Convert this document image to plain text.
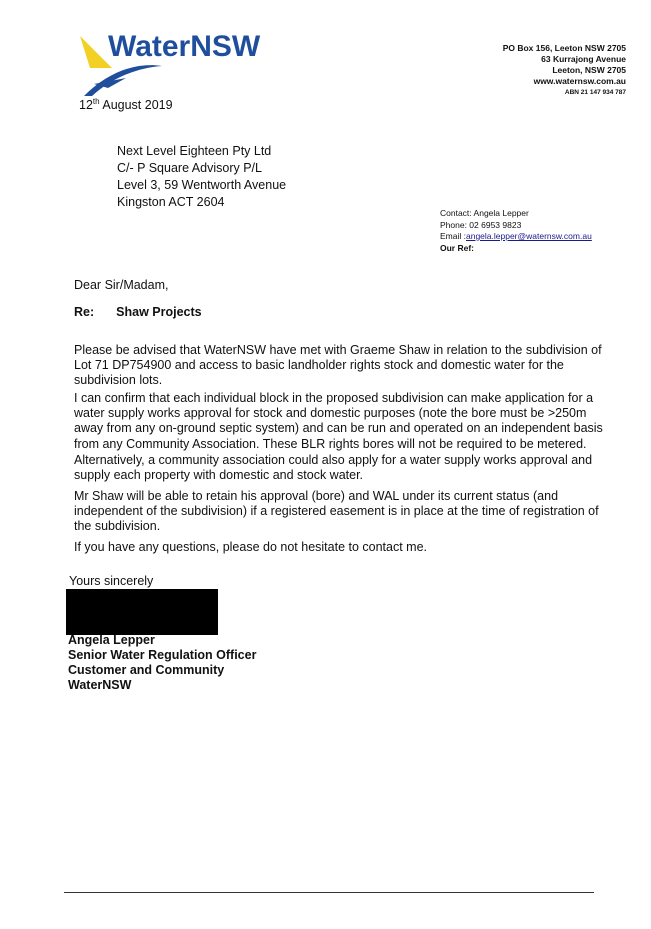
WaterNSW
12th August 2019
PO Box 156, Leeton NSW 2705
63 Kurrajong Avenue
Leeton, NSW 2705
www.waternsw.com.au
ABN 21 147 934 787
Next Level Eighteen Pty Ltd
C/- P Square Advisory P/L
Level 3, 59 Wentworth Avenue
Kingston ACT 2604
Contact: Angela Lepper
Phone: 02 6953 9823
Email :angela.lepper@waternsw.com.au
Our Ref:
Dear Sir/Madam,
Re: Shaw Projects
Please be advised that WaterNSW have met with Graeme Shaw in relation to the subdivision of Lot 71 DP754900 and access to basic landholder rights stock and domestic water for the subdivision lots.
I can confirm that each individual block in the proposed subdivision can make application for a water supply works approval for stock and domestic purposes (note the bore must be >250m away from any on-ground septic system) and can be run and operated on an independent basis from any Community Association. These BLR rights bores will not be required to be metered.
Alternatively, a community association could also apply for a water supply works approval and supply each property with domestic and stock water.
Mr Shaw will be able to retain his approval (bore) and WAL under its current status (and independent of the subdivision) if a registered easement is in place at the time of registration of the subdivision.
If you have any questions, please do not hesitate to contact me.
Yours sincerely
Angela Lepper
Senior Water Regulation Officer
Customer and Community
WaterNSW
